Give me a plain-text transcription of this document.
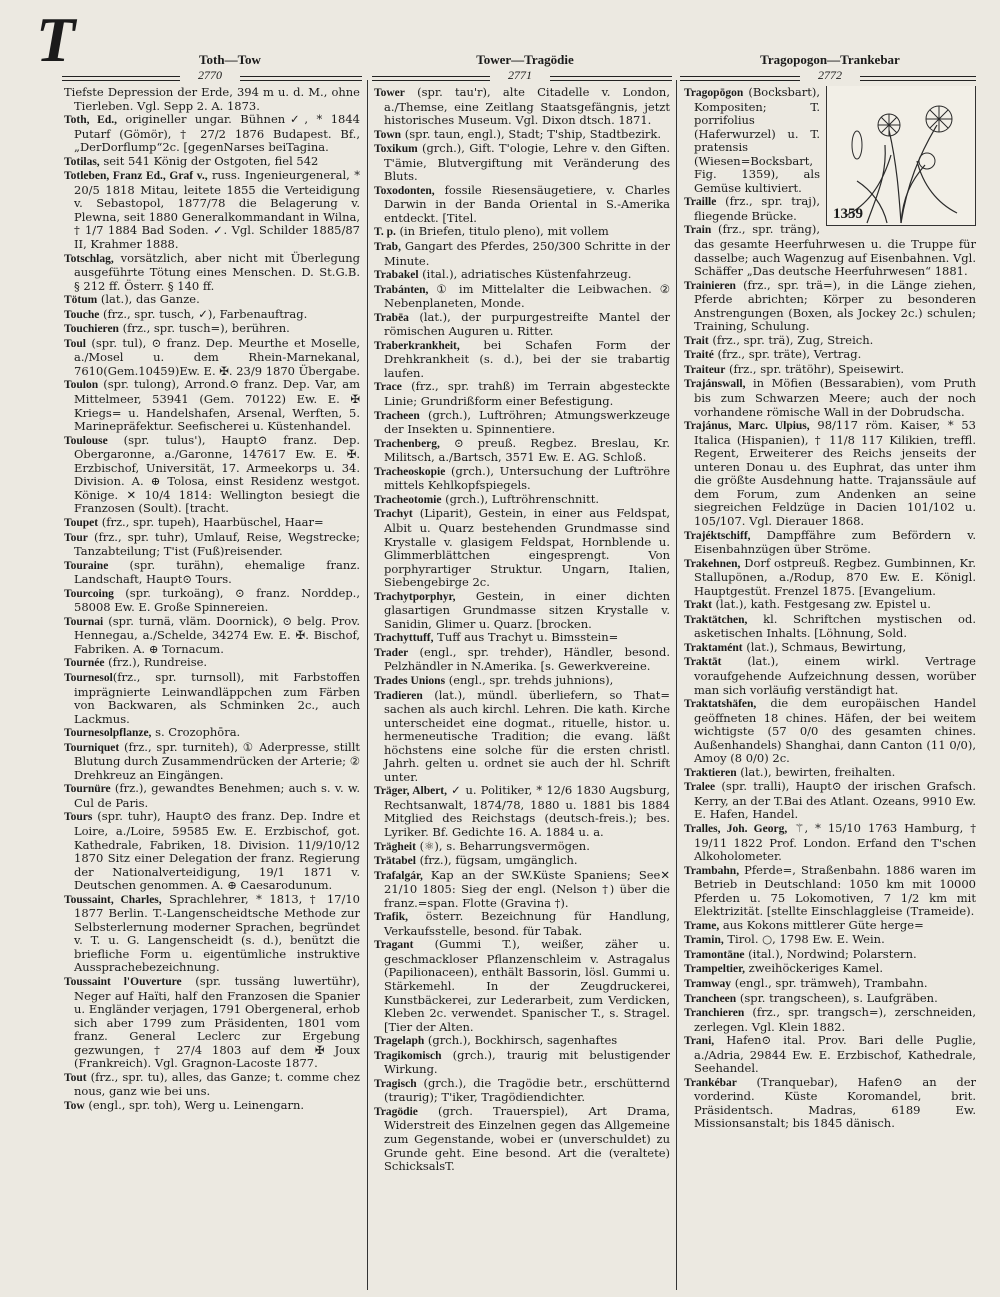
T	Toth—Tow	Tower—Tragödie	Tragopogon—Trankebar
2770	2771	2772

Tiefste Depression der Erde, 394 m u. d. M., ohne Tierleben. Vgl. Sepp 2. A. 1873.

Toth, Ed., origineller ungar. Bühnen✓, * 1844 Putarf (Gömör), † 27/2 1876 Budapest. Bf.,„DerDorflump“2c. [gegenNarses beiTagina.

Totilas, seit 541 König der Ostgoten, fiel 542

Totleben, Franz Ed., Graf v., russ. Ingenieurgeneral, * 20/5 1818 Mitau, leitete 1855 die Verteidigung v. Sebastopol, 1877/78 die Belagerung v. Plewna, seit 1880 Generalkommandant in Wilna, † 1/7 1884 Bad Soden. ✓. Vgl. Schilder 1885/87 II, Krahmer 1888.

Totschlag, vorsätzlich, aber nicht mit Überlegung ausgeführte Tötung eines Menschen. D. St.G.B. § 212 ff. Österr. § 140 ff.

Tötum (lat.), das Ganze.

Touche (frz., spr. tusch, ✓), Farbenauftrag.

Touchieren (frz., spr. tusch=), berühren.

Toul (spr. tul), ⊙ franz. Dep. Meurthe et Moselle, a./Mosel u. dem Rhein-Marnekanal, 7610(Gem.10459)Ew. E. ✠. 23/9 1870 Übergabe.

Toulon (spr. tulong), Arrond.⊙ franz. Dep. Var, am Mittelmeer, 53941 (Gem. 70122) Ew. E. ✠ Kriegs= u. Handelshafen, Arsenal, Werften, 5. Marinepräfektur. Seefischerei u. Küstenhandel.

Toulouse (spr. tulus'), Haupt⊙ franz. Dep. Obergaronne, a./Garonne, 147617 Ew. E. ✠. Erzbischof, Universität, 17. Armeekorps u. 34. Division. A. ⊕ Tolosa, einst Residenz westgot. Könige. ✕ 10/4 1814: Wellington besiegt die Franzosen (Soult). [tracht.

Toupet (frz., spr. tupeh), Haarbüschel, Haar=

Tour (frz., spr. tuhr), Umlauf, Reise, Wegstrecke; Tanzabteilung; T'ist (Fuß)reisender.

Touraine (spr. turähn), ehemalige franz. Landschaft, Haupt⊙ Tours.

Tourcoing (spr. turkoäng), ⊙ franz. Norddep., 58008 Ew. E. Große Spinnereien.

Tournai (spr. turnä, vläm. Doornick), ⊙ belg. Prov. Hennegau, a./Schelde, 34274 Ew. E. ✠. Bischof, Fabriken. A. ⊕ Tornacum.

Tournée (frz.), Rundreise.

Tournesol(frz., spr. turnsoll), mit Farbstoffen imprägnierte Leinwandläppchen zum Färben von Backwaren, als Schminken 2c., auch Lackmus.

Tournesolpflanze, s. Crozophōra.

Tourniquet (frz., spr. turniteh), ① Aderpresse, stillt Blutung durch Zusammendrücken der Arterie; ② Drehkreuz an Eingängen.

Tournüre (frz.), gewandtes Benehmen; auch s. v. w. Cul de Paris.

Tours (spr. tuhr), Haupt⊙ des franz. Dep. Indre et Loire, a./Loire, 59585 Ew. E. Erzbischof, got. Kathedrale, Fabriken, 18. Division. 11/9/10/12 1870 Sitz einer Delegation der franz. Regierung der Nationalverteidigung, 19/1 1871 v. Deutschen genommen. A. ⊕ Caesarodunum.

Toussaint, Charles, Sprachlehrer, * 1813, † 17/10 1877 Berlin. T.-Langenscheidtsche Methode zur Selbsterlernung moderner Sprachen, begründet v. T. u. G. Langenscheidt (s. d.), benützt die briefliche Form u. eigentümliche instruktive Aussprachebezeichnung.

Toussaint l'Ouverture (spr. tussäng luwertühr), Neger auf Haïti, half den Franzosen die Spanier u. Engländer verjagen, 1791 Obergeneral, erhob sich aber 1799 zum Präsidenten, 1801 vom franz. General Leclerc zur Ergebung gezwungen, † 27/4 1803 auf dem ✠ Joux (Frankreich). Vgl. Gragnon-Lacoste 1877.

Tout (frz., spr. tu), alles, das Ganze; t. comme chez nous, ganz wie bei uns.

Tow (engl., spr. toh), Werg u. Leinengarn.

Tower (spr. tau'r), alte Citadelle v. London, a./Themse, eine Zeitlang Staatsgefängnis, jetzt historisches Museum. Vgl. Dixon dtsch. 1871.

Town (spr. taun, engl.), Stadt; T'ship, Stadtbezirk.

Toxikum (grch.), Gift. T'ologie, Lehre v. den Giften. T'ämie, Blutvergiftung mit Veränderung des Bluts.

Toxodonten, fossile Riesensäugetiere, v. Charles Darwin in der Banda Oriental in S.-Amerika entdeckt. [Titel.

T. p. (in Briefen, titulo pleno), mit vollem

Trab, Gangart des Pferdes, 250/300 Schritte in der Minute.

Trabakel (ital.), adriatisches Küstenfahrzeug.

Trabánten, ① im Mittelalter die Leibwachen. ② Nebenplaneten, Monde.

Trabēa (lat.), der purpurgestreifte Mantel der römischen Auguren u. Ritter.

Traberkrankheit, bei Schafen Form der Drehkrankheit (s. d.), bei der sie trabartig laufen.

Trace (frz., spr. trahß) im Terrain abgesteckte Linie; Grundrißform einer Befestigung.

Tracheen (grch.), Luftröhren; Atmungswerkzeuge der Insekten u. Spinnentiere.

Trachenberg, ⊙ preuß. Regbez. Breslau, Kr. Militsch, a./Bartsch, 3571 Ew. E. AG. Schloß.

Tracheoskopie (grch.), Untersuchung der Luftröhre mittels Kehlkopfspiegels.

Tracheotomie (grch.), Luftröhrenschnitt.

Trachyt (Liparit), Gestein, in einer aus Feldspat, Albit u. Quarz bestehenden Grundmasse sind Krystalle v. glasigem Feldspat, Hornblende u. Glimmerblättchen eingesprengt. Von porphyrartiger Struktur. Ungarn, Italien, Siebengebirge 2c.

Trachytporphyr, Gestein, in einer dichten glasartigen Grundmasse sitzen Krystalle v. Sanidin, Glimer u. Quarz. [brocken.

Trachyttuff, Tuff aus Trachyt u. Bimsstein=

Trader (engl., spr. trehder), Händler, besond. Pelzhändler in N.Amerika. [s. Gewerkvereine.

Trades Unions (engl., spr. trehds juhnions),

Tradieren (lat.), mündl. überliefern, so That= sachen als auch kirchl. Lehren. Die kath. Kirche unterscheidet eine dogmat., rituelle, histor. u. hermeneutische Tradition; die evang. läßt höchstens eine solche für die ersten christl. Jahrh. gelten u. ordnet sie auch der hl. Schrift unter.

Träger, Albert, ✓ u. Politiker, * 12/6 1830 Augsburg, Rechtsanwalt, 1874/78, 1880 u. 1881 bis 1884 Mitglied des Reichstags (deutsch-freis.); bes. Lyriker. Bf. Gedichte 16. A. 1884 u. a.

Trägheit (⚛), s. Beharrungsvermögen.

Trätabel (frz.), fügsam, umgänglich.

Trafalgár, Kap an der SW.Küste Spaniens; See✕ 21/10 1805: Sieg der engl. (Nelson †) über die franz.=span. Flotte (Gravina †).

Trafik, österr. Bezeichnung für Handlung, Verkaufsstelle, besond. für Tabak.

Tragant (Gummi T.), weißer, zäher u. geschmackloser Pflanzenschleim v. Astragalus (Papilionaceen), enthält Bassorin, lösl. Gummi u. Stärkemehl. In der Zeugdruckerei, Kunstbäckerei, zur Lederarbeit, zum Verdicken, Kleben 2c. verwendet. Spanischer T., s. Stragel. [Tier der Alten.

Tragelaph (grch.), Bockhirsch, sagenhaftes

Tragikomisch (grch.), traurig mit belustigender Wirkung.

Tragisch (grch.), die Tragödie betr., erschütternd (traurig); T'iker, Tragödiendichter.

Tragödie (grch. Trauerspiel), Art Drama, Widerstreit des Einzelnen gegen das Allgemeine zum Gegenstande, wobei er (unverschuldet) zu Grunde geht. Eine besond. Art die (veraltete) SchicksalsT.

1359

Tragopōgon (Bocksbart), Kompositen; T. porrifolius (Haferwurzel) u. T. pratensis (Wiesen=Bocksbart, Fig. 1359), als Gemüse kultiviert.

Traille (frz., spr. traj), fliegende Brücke.

Train (frz., spr. träng), das gesamte Heerfuhrwesen u. die Truppe für dasselbe; auch Wagenzug auf Eisenbahnen. Vgl. Schäffer „Das deutsche Heerfuhrwesen“ 1881.

Trainieren (frz., spr. trä=), in die Länge ziehen, Pferde abrichten; Körper zu besonderen Anstrengungen (Boxen, als Jockey 2c.) schulen; Training, Schulung.

Trait (frz., spr. trä), Zug, Streich.

Traité (frz., spr. träte), Vertrag.

Traiteur (frz., spr. trätöhr), Speisewirt.

Trajánswall, in Möfien (Bessarabien), vom Pruth bis zum Schwarzen Meere; auch der noch vorhandene römische Wall in der Dobrudscha.

Trajánus, Marc. Ulpius, 98/117 röm. Kaiser, * 53 Italica (Hispanien), † 11/8 117 Kilikien, treffl. Regent, Erweiterer des Reichs jenseits der unteren Donau u. des Euphrat, das unter ihm die größte Ausdehnung hatte. Trajanssäule auf dem Forum, zum Andenken an seine siegreichen Feldzüge in Dacien 101/102 u. 105/107. Vgl. Dierauer 1868.

Trajéktschiff, Dampffähre zum Befördern v. Eisenbahnzügen über Ströme.

Trakehnen, Dorf ostpreuß. Regbez. Gumbinnen, Kr. Stallupönen, a./Rodup, 870 Ew. E. Königl. Hauptgestüt. Frenzel 1875. [Evangelium.

Trakt (lat.), kath. Festgesang zw. Epistel u.

Traktätchen, kl. Schriftchen mystischen od. asketischen Inhalts. [Löhnung, Sold.

Traktamént (lat.), Schmaus, Bewirtung,

Traktāt (lat.), einem wirkl. Vertrage voraufgehende Aufzeichnung dessen, worüber man sich vorläufig verständigt hat.

Traktatshäfen, die dem europäischen Handel geöffneten 18 chines. Häfen, der bei weitem wichtigste (57 0/0 des gesamten chines. Außenhandels) Shanghai, dann Canton (11 0/0), Amoy (8 0/0) 2c.

Traktieren (lat.), bewirten, freihalten.

Tralee (spr. tralli), Haupt⊙ der irischen Grafsch. Kerry, an der T.Bai des Atlant. Ozeans, 9910 Ew. E. Hafen, Handel.

Tralles, Joh. Georg, ⚚, * 15/10 1763 Hamburg, † 19/11 1822 Prof. London. Erfand den T'schen Alkoholometer.

Trambahn, Pferde=, Straßenbahn. 1886 waren im Betrieb in Deutschland: 1050 km mit 10000 Pferden u. 75 Lokomotiven, 7 1/2 km mit Elektrizität. [stellte Einschlaggleise (Trameide).

Trame, aus Kokons mittlerer Güte herge=

Tramin, Tirol. ○, 1798 Ew. E. Wein.

Tramontāne (ital.), Nordwind; Polarstern.

Trampeltier, zweihöckeriges Kamel.

Tramway (engl., spr. trämweh), Trambahn.

Trancheen (spr. trangscheen), s. Laufgräben.

Tranchieren (frz., spr. trangsch=), zerschneiden, zerlegen. Vgl. Klein 1882.

Trani, Hafen⊙ ital. Prov. Bari delle Puglie, a./Adria, 29844 Ew. E. Erzbischof, Kathedrale, Seehandel.

Trankébar (Tranquebar), Hafen⊙ an der vorderind. Küste Koromandel, brit. Präsidentsch. Madras, 6189 Ew. Missionsanstalt; bis 1845 dänisch.
